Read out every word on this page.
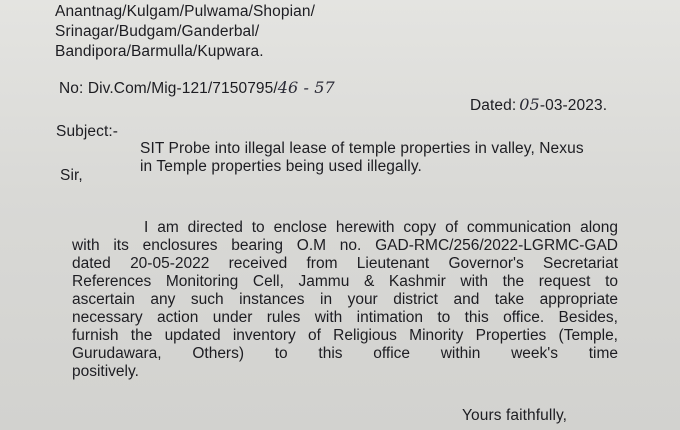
Anantnag/Kulgam/Pulwama/Shopian/
Srinagar/Budgam/Ganderbal/
Bandipora/Barmulla/Kupwara.
No: Div.Com/Mig-121/7150795/46 - 57
Dated: 05-03-2023.
Subject:-
SIT Probe into illegal lease of temple properties in valley, Nexus
in Temple properties being used illegally.
Sir,
I am directed to enclose herewith copy of communication along
with its enclosures bearing O.M no. GAD-RMC/256/2022-LGRMC-GAD
dated 20-05-2022 received from Lieutenant Governor's Secretariat
References Monitoring Cell, Jammu & Kashmir with the request to
ascertain any such instances in your district and take appropriate
necessary action under rules with intimation to this office. Besides,
furnish the updated inventory of Religious Minority Properties (Temple,
Gurudawara, Others) to this office within week's time
positively.
Yours faithfully,
